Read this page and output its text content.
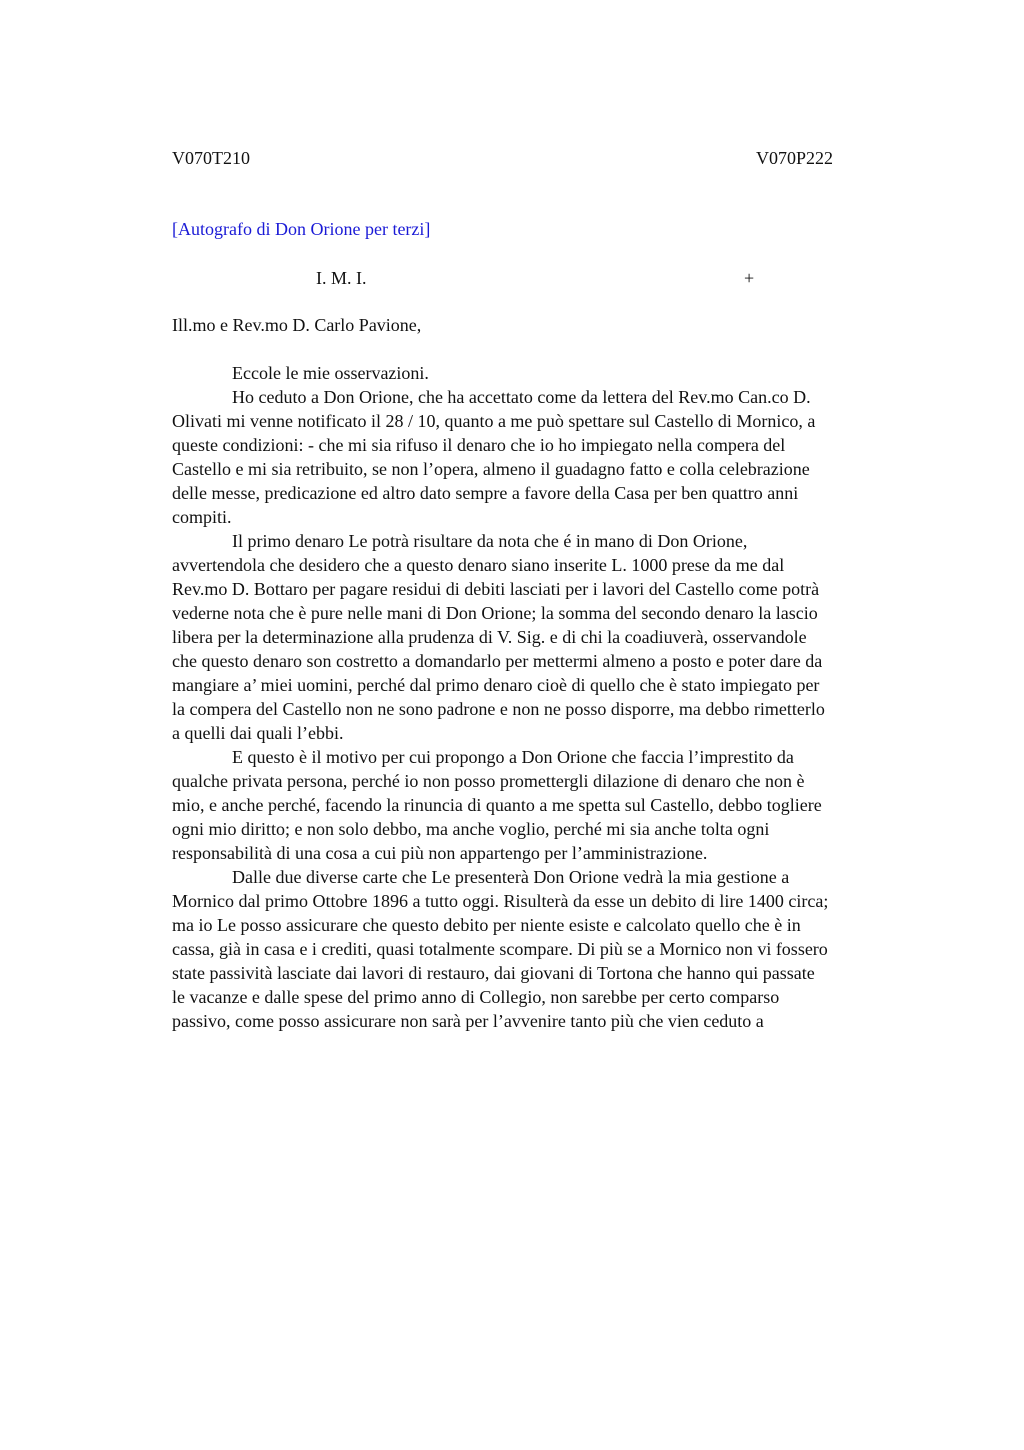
V070T210	V070P222
[Autografo di Don Orione per terzi]
I. M. I.	+
Ill.mo e Rev.mo D. Carlo Pavione,

Eccole le mie osservazioni.

Ho ceduto a Don Orione, che ha accettato come da lettera del Rev.mo Can.co D.
Olivati mi venne notificato il 28 / 10, quanto a me può spettare sul Castello di Mornico, a
queste condizioni: - che mi sia rifuso il denaro che io ho impiegato nella compera del
Castello e mi sia retribuito, se non l’opera, almeno il guadagno fatto e colla celebrazione
delle messe, predicazione ed altro dato sempre a favore della Casa per ben quattro anni
compiti.

Il primo denaro Le potrà risultare da nota che é in mano di Don Orione,
avvertendola che desidero che a questo denaro siano inserite L. 1000 prese da me dal
Rev.mo D. Bottaro per pagare residui di debiti lasciati per i lavori del Castello come potrà
vederne nota che è pure nelle mani di Don Orione; la somma del secondo denaro la lascio
libera per la determinazione alla prudenza di V. Sig. e di chi la coadiuverà, osservandole
che questo denaro son costretto a domandarlo per mettermi almeno a posto e poter dare da
mangiare a’ miei uomini, perché dal primo denaro cioè di quello che è stato impiegato per
la compera del Castello non ne sono padrone e non ne posso disporre, ma debbo rimetterlo
a quelli dai quali l’ebbi.

E questo è il motivo per cui propongo a Don Orione che faccia l’imprestito da
qualche privata persona, perché io non posso promettergli dilazione di denaro che non è
mio, e anche perché, facendo la rinuncia di quanto a me spetta sul Castello, debbo togliere
ogni mio diritto; e non solo debbo, ma anche voglio, perché mi sia anche tolta ogni
responsabilità di una cosa a cui più non appartengo per l’amministrazione.

Dalle due diverse carte che Le presenterà Don Orione vedrà la mia gestione a
Mornico dal primo Ottobre 1896 a tutto oggi. Risulterà da esse un debito di lire 1400 circa;
ma io Le posso assicurare che questo debito per niente esiste e calcolato quello che è in
cassa, già in casa e i crediti, quasi totalmente scompare. Di più se a Mornico non vi fossero
state passività lasciate dai lavori di restauro, dai giovani di Tortona che hanno qui passate
le vacanze e dalle spese del primo anno di Collegio, non sarebbe per certo comparso
passivo, come posso assicurare non sarà per l’avvenire tanto più che vien ceduto a
